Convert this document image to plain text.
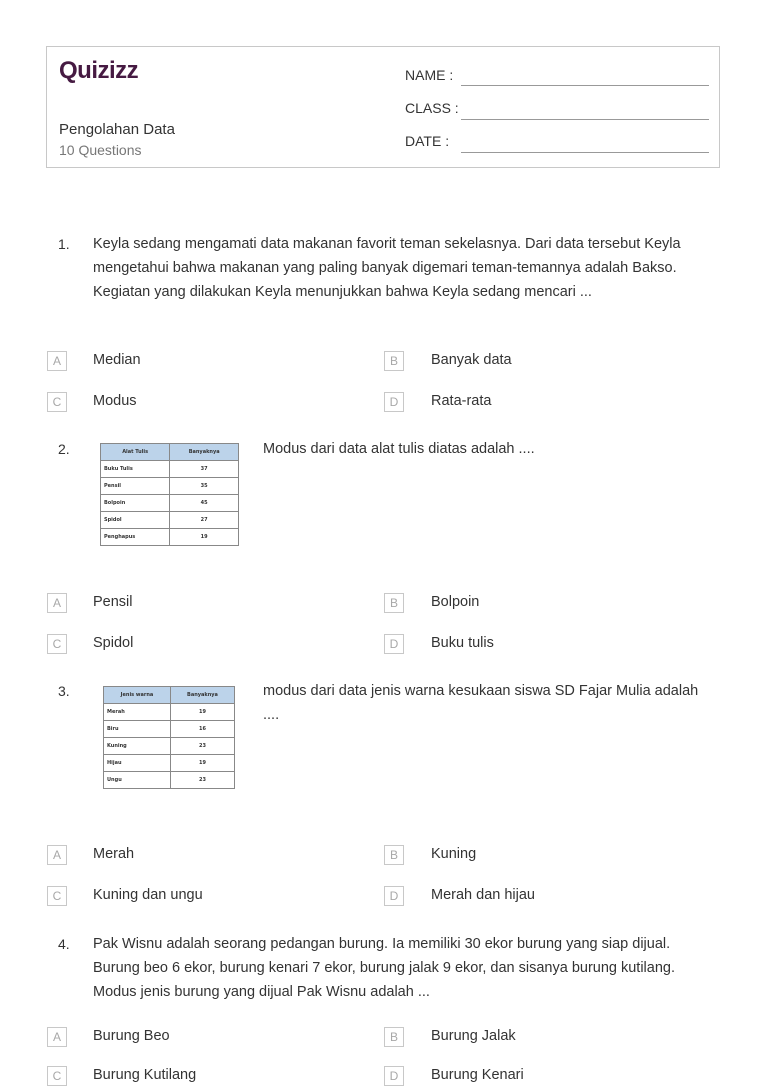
Quizizz
Pengolahan Data
10 Questions
NAME :
CLASS :
DATE :
1. Keyla sedang mengamati data makanan favorit teman sekelasnya. Dari data tersebut Keyla mengetahui bahwa makanan yang paling banyak digemari teman-temannya adalah Bakso. Kegiatan yang dilakukan Keyla menunjukkan bahwa Keyla sedang mencari ...
A	Median	B	Banyak data
C	Modus	D	Rata-rata
2.	Alat Tulis	Banyaknya
Buku Tulis	37
Pensil	35
Bolpoin	45
Spidol	27
Penghapus	19
Modus dari data alat tulis diatas adalah ....
A	Pensil	B	Bolpoin
C	Spidol	D	Buku tulis
3.	Jenis warna	Banyaknya
Merah	19
Biru	16
Kuning	23
Hijau	19
Ungu	23
modus dari data jenis warna kesukaan siswa SD Fajar Mulia adalah ....
A	Merah	B	Kuning
C	Kuning dan ungu	D	Merah dan hijau
4. Pak Wisnu adalah seorang pedangan burung. Ia memiliki 30 ekor burung yang siap dijual. Burung beo 6 ekor, burung kenari 7 ekor, burung jalak 9 ekor, dan sisanya burung kutilang. Modus jenis burung yang dijual Pak Wisnu adalah ...
A	Burung Beo	B	Burung Jalak
C	Burung Kutilang	D	Burung Kenari
